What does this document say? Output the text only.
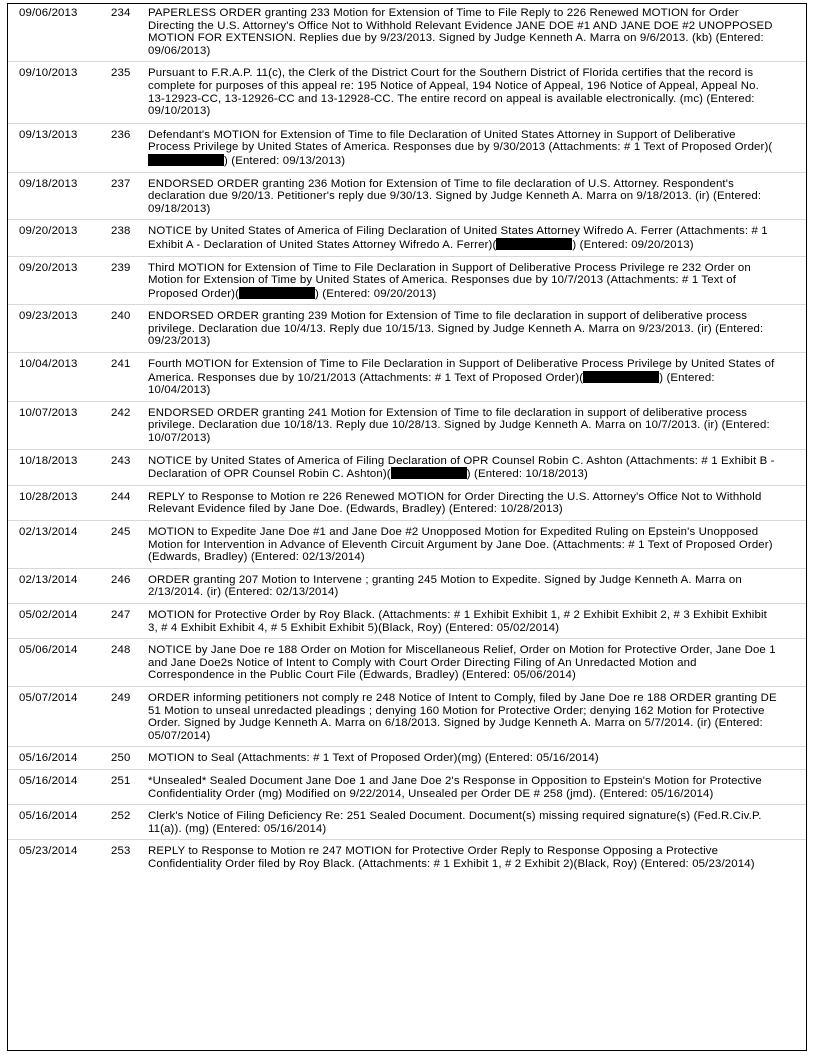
09/06/2013	234	PAPERLESS ORDER granting 233 Motion for Extension of Time to File Reply to 226 Renewed MOTION for Order Directing the U.S. Attorney's Office Not to Withhold Relevant Evidence JANE DOE #1 AND JANE DOE #2 UNOPPOSED MOTION FOR EXTENSION. Replies due by 9/23/2013. Signed by Judge Kenneth A. Marra on 9/6/2013. (kb) (Entered: 09/06/2013)
09/10/2013	235	Pursuant to F.R.A.P. 11(c), the Clerk of the District Court for the Southern District of Florida certifies that the record is complete for purposes of this appeal re: 195 Notice of Appeal, 194 Notice of Appeal, 196 Notice of Appeal, Appeal No. 13-12923-CC, 13-12926-CC and 13-12928-CC. The entire record on appeal is available electronically. (mc) (Entered: 09/10/2013)
09/13/2013	236	Defendant's MOTION for Extension of Time to file Declaration of United States Attorney in Support of Deliberative Process Privilege by United States of America. Responses due by 9/30/2013 (Attachments: # 1 Text of Proposed Order)() (Entered: 09/13/2013)
09/18/2013	237	ENDORSED ORDER granting 236 Motion for Extension of Time to file declaration of U.S. Attorney. Respondent's declaration due 9/20/13. Petitioner's reply due 9/30/13. Signed by Judge Kenneth A. Marra on 9/18/2013. (ir) (Entered: 09/18/2013)
09/20/2013	238	NOTICE by United States of America of Filing Declaration of United States Attorney Wifredo A. Ferrer (Attachments: # 1 Exhibit A - Declaration of United States Attorney Wifredo A. Ferrer)(	) (Entered: 09/20/2013)
09/20/2013	239	Third MOTION for Extension of Time to File Declaration in Support of Deliberative Process Privilege re 232 Order on Motion for Extension of Time by United States of America. Responses due by 10/7/2013 (Attachments: # 1 Text of Proposed Order)(	) (Entered: 09/20/2013)
09/23/2013	240	ENDORSED ORDER granting 239 Motion for Extension of Time to file declaration in support of deliberative process privilege. Declaration due 10/4/13. Reply due 10/15/13. Signed by Judge Kenneth A. Marra on 9/23/2013. (ir) (Entered: 09/23/2013)
10/04/2013	241	Fourth MOTION for Extension of Time to File Declaration in Support of Deliberative Process Privilege by United States of America. Responses due by 10/21/2013 (Attachments: # 1 Text of Proposed Order)(	) (Entered: 10/04/2013)
10/07/2013	242	ENDORSED ORDER granting 241 Motion for Extension of Time to file declaration in support of deliberative process privilege. Declaration due 10/18/13. Reply due 10/28/13. Signed by Judge Kenneth A. Marra on 10/7/2013. (ir) (Entered: 10/07/2013)
10/18/2013	243	NOTICE by United States of America of Filing Declaration of OPR Counsel Robin C. Ashton (Attachments: # 1 Exhibit B - Declaration of OPR Counsel Robin C. Ashton)(	) (Entered: 10/18/2013)
10/28/2013	244	REPLY to Response to Motion re 226 Renewed MOTION for Order Directing the U.S. Attorney's Office Not to Withhold Relevant Evidence filed by Jane Doe. (Edwards, Bradley) (Entered: 10/28/2013)
02/13/2014	245	MOTION to Expedite Jane Doe #1 and Jane Doe #2 Unopposed Motion for Expedited Ruling on Epstein's Unopposed Motion for Intervention in Advance of Eleventh Circuit Argument by Jane Doe. (Attachments: # 1 Text of Proposed Order)(Edwards, Bradley) (Entered: 02/13/2014)
02/13/2014	246	ORDER granting 207 Motion to Intervene ; granting 245 Motion to Expedite. Signed by Judge Kenneth A. Marra on 2/13/2014. (ir) (Entered: 02/13/2014)
05/02/2014	247	MOTION for Protective Order by Roy Black. (Attachments: # 1 Exhibit Exhibit 1, # 2 Exhibit Exhibit 2, # 3 Exhibit Exhibit 3, # 4 Exhibit Exhibit 4, # 5 Exhibit Exhibit 5)(Black, Roy) (Entered: 05/02/2014)
05/06/2014	248	NOTICE by Jane Doe re 188 Order on Motion for Miscellaneous Relief, Order on Motion for Protective Order, Jane Doe 1 and Jane Doe2s Notice of Intent to Comply with Court Order Directing Filing of An Unredacted Motion and Correspondence in the Public Court File (Edwards, Bradley) (Entered: 05/06/2014)
05/07/2014	249	ORDER informing petitioners not comply re 248 Notice of Intent to Comply, filed by Jane Doe re 188 ORDER granting DE 51 Motion to unseal unredacted pleadings ; denying 160 Motion for Protective Order; denying 162 Motion for Protective Order. Signed by Judge Kenneth A. Marra on 6/18/2013. Signed by Judge Kenneth A. Marra on 5/7/2014. (ir) (Entered: 05/07/2014)
05/16/2014	250	MOTION to Seal (Attachments: # 1 Text of Proposed Order)(mg) (Entered: 05/16/2014)
05/16/2014	251	*Unsealed* Sealed Document Jane Doe 1 and Jane Doe 2's Response in Opposition to Epstein's Motion for Protective Confidentiality Order (mg) Modified on 9/22/2014, Unsealed per Order DE # 258 (jmd). (Entered: 05/16/2014)
05/16/2014	252	Clerk's Notice of Filing Deficiency Re: 251 Sealed Document. Document(s) missing required signature(s) (Fed.R.Civ.P. 11(a)). (mg) (Entered: 05/16/2014)
05/23/2014	253	REPLY to Response to Motion re 247 MOTION for Protective Order Reply to Response Opposing a Protective Confidentiality Order filed by Roy Black. (Attachments: # 1 Exhibit 1, # 2 Exhibit 2)(Black, Roy) (Entered: 05/23/2014)
